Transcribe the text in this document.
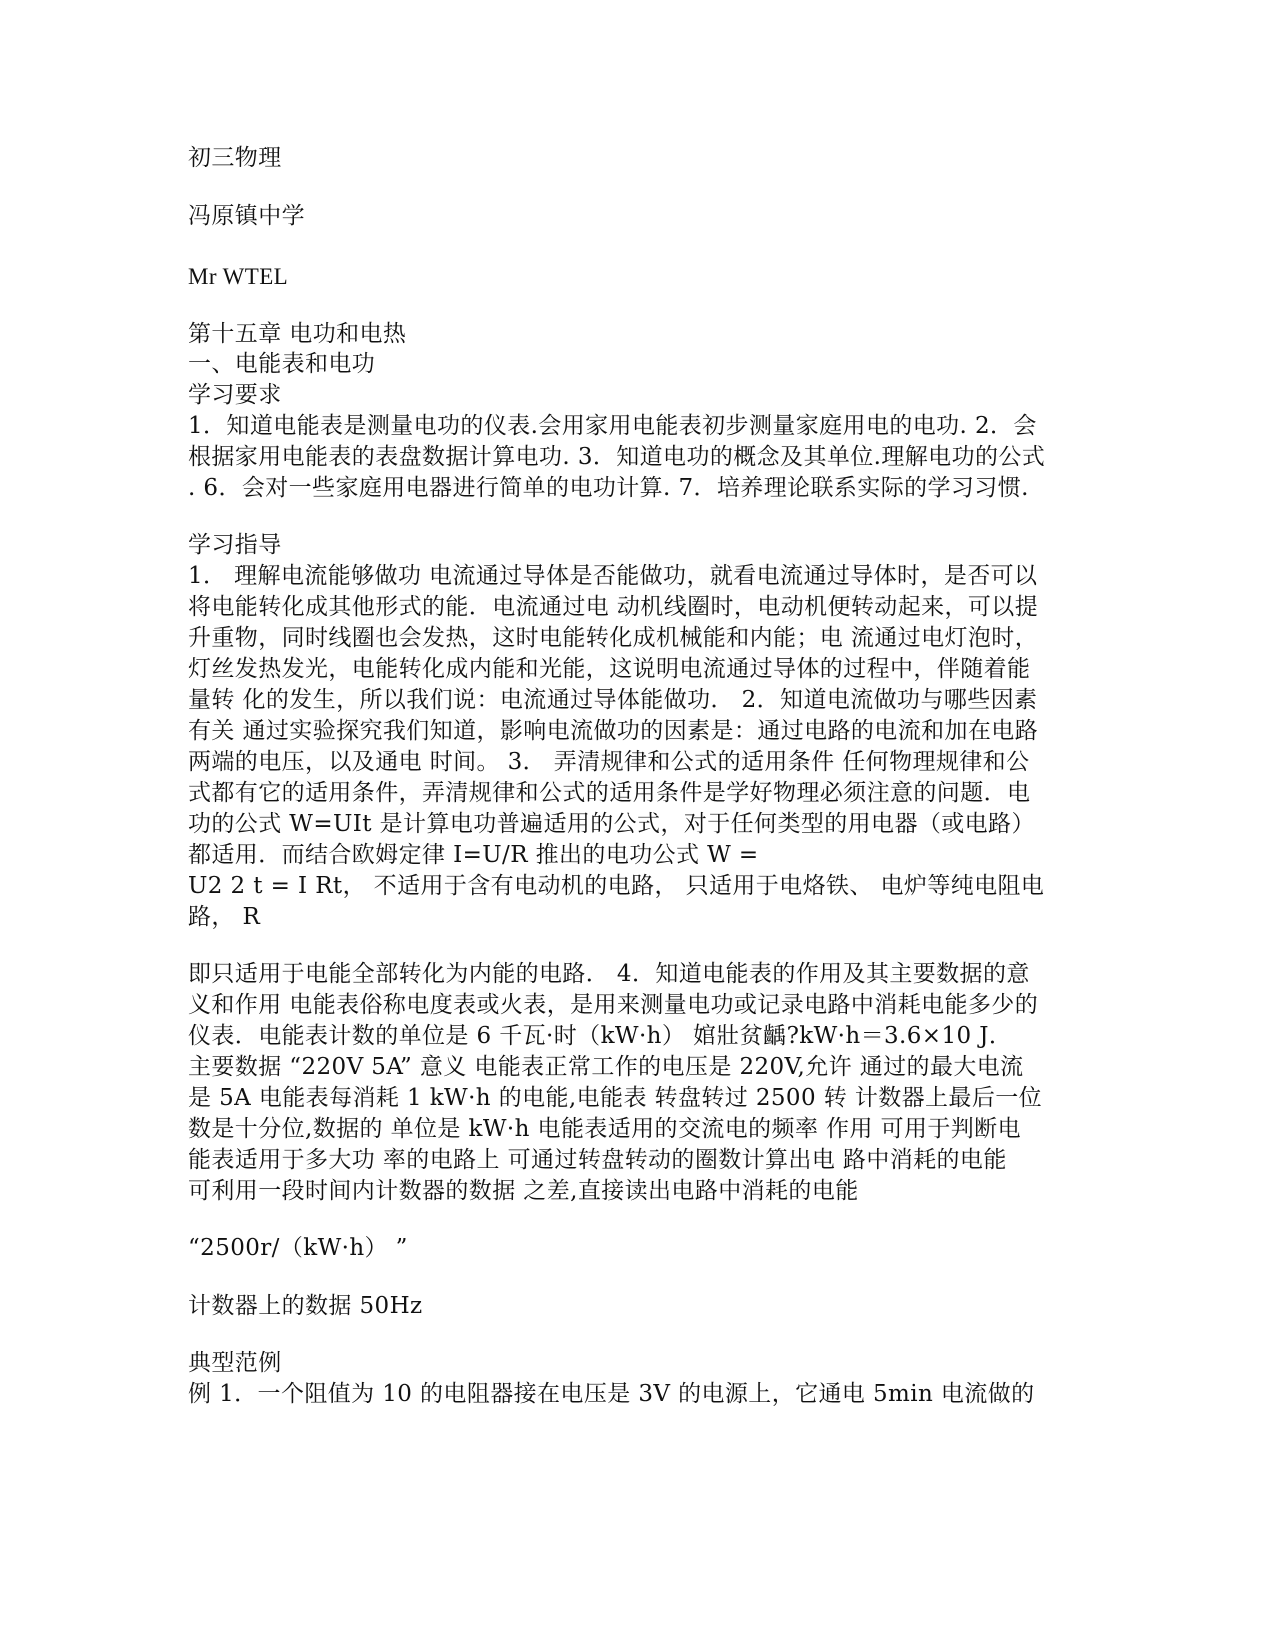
初三物理
冯原镇中学
Mr WTEL
第十五章 电功和电热
一、电能表和电功
学习要求
1．知道电能表是测量电功的仪表.会用家用电能表初步测量家庭用电的电功. 2．会
根据家用电能表的表盘数据计算电功. 3．知道电功的概念及其单位.理解电功的公式
. 6．会对一些家庭用电器进行简单的电功计算. 7．培养理论联系实际的学习习惯.
学习指导
1． 理解电流能够做功 电流通过导体是否能做功，就看电流通过导体时，是否可以
将电能转化成其他形式的能．电流通过电 动机线圈时，电动机便转动起来，可以提
升重物，同时线圈也会发热，这时电能转化成机械能和内能；电 流通过电灯泡时，
灯丝发热发光，电能转化成内能和光能，这说明电流通过导体的过程中，伴随着能
量转 化的发生，所以我们说：电流通过导体能做功． 2．知道电流做功与哪些因素
有关 通过实验探究我们知道，影响电流做功的因素是：通过电路的电流和加在电路
两端的电压，以及通电 时间。 3． 弄清规律和公式的适用条件 任何物理规律和公
式都有它的适用条件，弄清规律和公式的适用条件是学好物理必须注意的问题．电
功的公式 W=UIt 是计算电功普遍适用的公式，对于任何类型的用电器（或电路）
都适用．而结合欧姆定律 I=U/R 推出的电功公式 W =
U2 2 t = I Rt， 不适用于含有电动机的电路， 只适用于电烙铁、 电炉等纯电阻电
路， R
即只适用于电能全部转化为内能的电路． 4．知道电能表的作用及其主要数据的意
义和作用 电能表俗称电度表或火表，是用来测量电功或记录电路中消耗电能多少的
仪表．电能表计数的单位是 6 千瓦·时（kW·h） 婠壯贫齲?kW·h＝3.6×10 J．
主要数据 “220V 5A” 意义 电能表正常工作的电压是 220V,允许 通过的最大电流
是 5A 电能表每消耗 1 kW·h 的电能,电能表 转盘转过 2500 转 计数器上最后一位
数是十分位,数据的 单位是 kW·h 电能表适用的交流电的频率 作用 可用于判断电
能表适用于多大功 率的电路上 可通过转盘转动的圈数计算出电 路中消耗的电能
可利用一段时间内计数器的数据 之差,直接读出电路中消耗的电能
“2500r/（kW·h） ”
计数器上的数据 50Hz
典型范例
例 1．一个阻值为 10 的电阻器接在电压是 3V 的电源上，它通电 5min 电流做的
